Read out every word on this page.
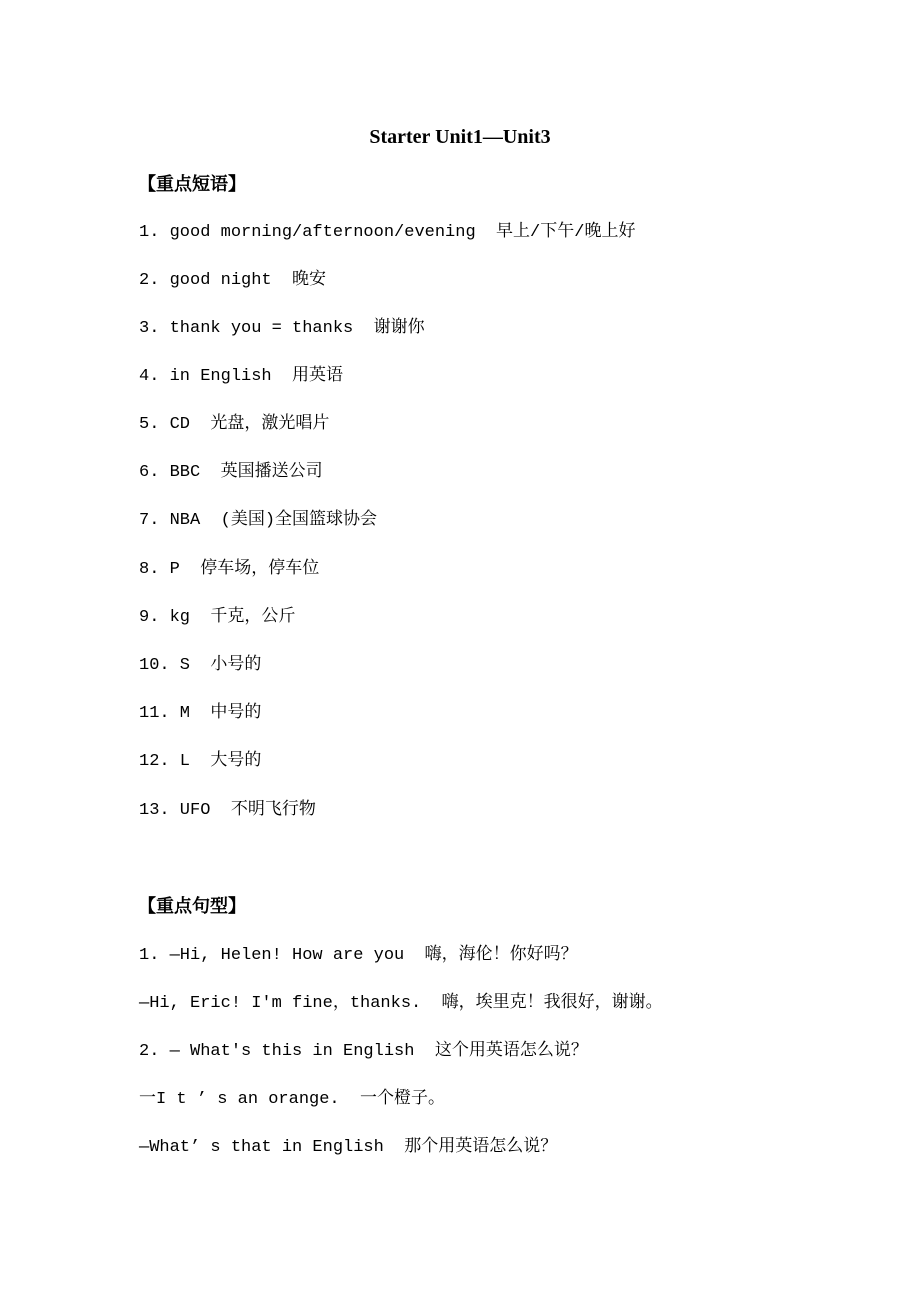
Starter Unit1—Unit3
【重点短语】
1. good morning/afternoon/evening  早上/下午/晚上好
2. good night  晚安
3. thank you = thanks  谢谢你
4. in English  用英语
5. CD  光盘，激光唱片
6. BBC  英国播送公司
7. NBA  (美国)全国篮球协会
8. P  停车场，停车位
9. kg  千克，公斤
10. S  小号的
11. M  中号的
12. L  大号的
13. UFO  不明飞行物
【重点句型】
1. —Hi, Helen! How are you  嗨，海伦！你好吗？
—Hi, Eric! I'm fine，thanks.  嗨，埃里克！我很好，谢谢。
2. — What's this in English  这个用英语怎么说？
一I t ’ s an orange.  一个橙子。
—What’ s that in English  那个用英语怎么说？
